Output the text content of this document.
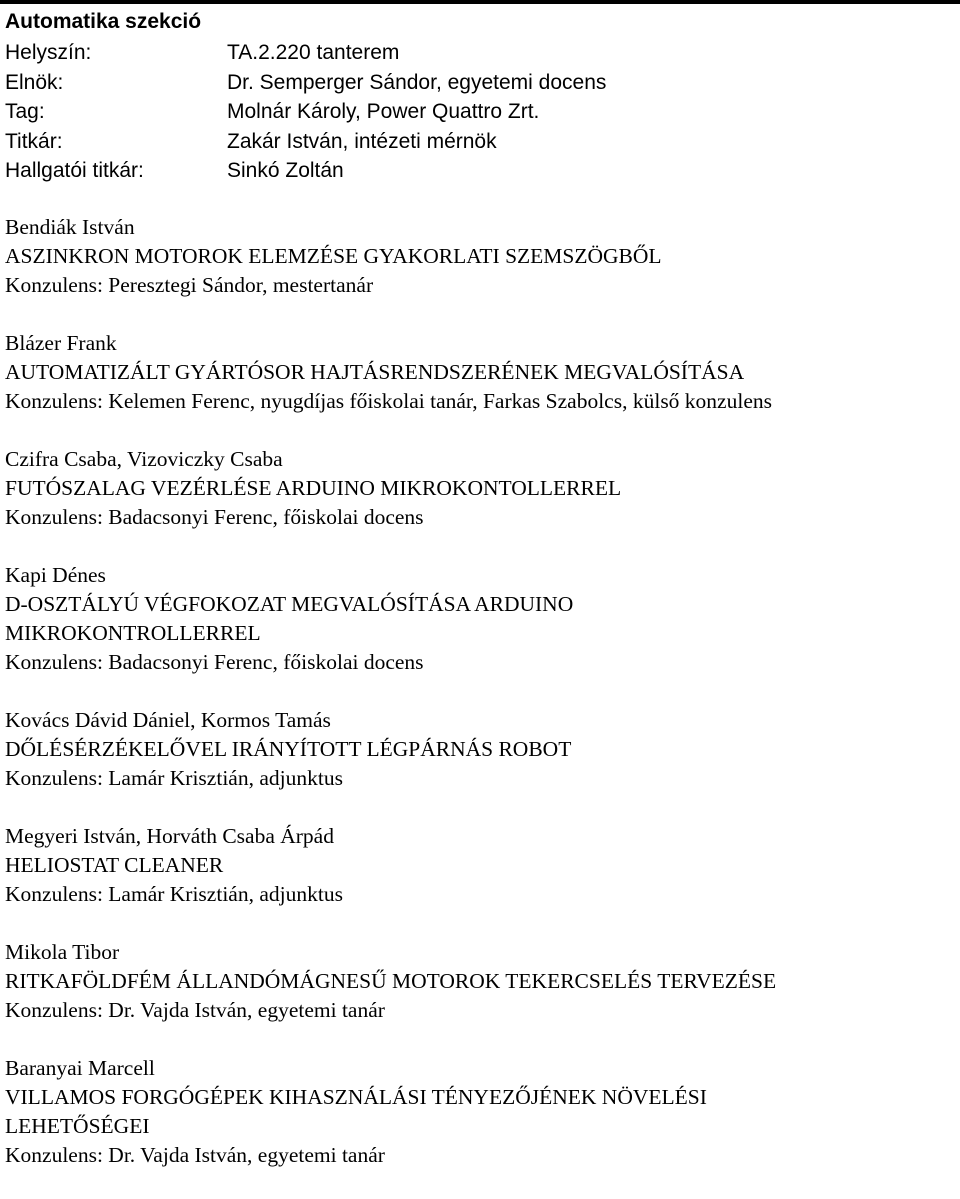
Automatika szekció
Helyszín:	TA.2.220 tanterem
Elnök:	Dr. Semperger Sándor, egyetemi docens
Tag:	Molnár Károly, Power Quattro Zrt.
Titkár:	Zakár István, intézeti mérnök
Hallgatói titkár:	Sinkó Zoltán
Bendiák István
ASZINKRON MOTOROK ELEMZÉSE GYAKORLATI SZEMSZÖGBŐL
Konzulens: Peresztegi Sándor, mestertanár
Blázer Frank
AUTOMATIZÁLT GYÁRTÓSOR HAJTÁSRENDSZERÉNEK MEGVALÓSÍTÁSA
Konzulens: Kelemen Ferenc, nyugdíjas főiskolai tanár, Farkas Szabolcs, külső konzulens
Czifra Csaba, Vizoviczky Csaba
FUTÓSZALAG VEZÉRLÉSE ARDUINO MIKROKONTOLLERREL
Konzulens: Badacsonyi Ferenc, főiskolai docens
Kapi Dénes
D-OSZTÁLYÚ VÉGFOKOZAT MEGVALÓSÍTÁSA ARDUINO
MIKROKONTROLLERREL
Konzulens: Badacsonyi Ferenc, főiskolai docens
Kovács Dávid Dániel, Kormos Tamás
DŐLÉSÉRZÉKELŐVEL IRÁNYÍTOTT LÉGPÁRNÁS ROBOT
Konzulens: Lamár Krisztián, adjunktus
Megyeri István, Horváth Csaba Árpád
HELIOSTAT CLEANER
Konzulens: Lamár Krisztián, adjunktus
Mikola Tibor
RITKAFÖLDFÉM ÁLLANDÓMÁGNESŰ MOTOROK TEKERCSELÉS TERVEZÉSE
Konzulens: Dr. Vajda István, egyetemi tanár
Baranyai Marcell
VILLAMOS FORGÓGÉPEK KIHASZNÁLÁSI TÉNYEZŐJÉNEK NÖVELÉSI
LEHETŐSÉGEI
Konzulens: Dr. Vajda István, egyetemi tanár
